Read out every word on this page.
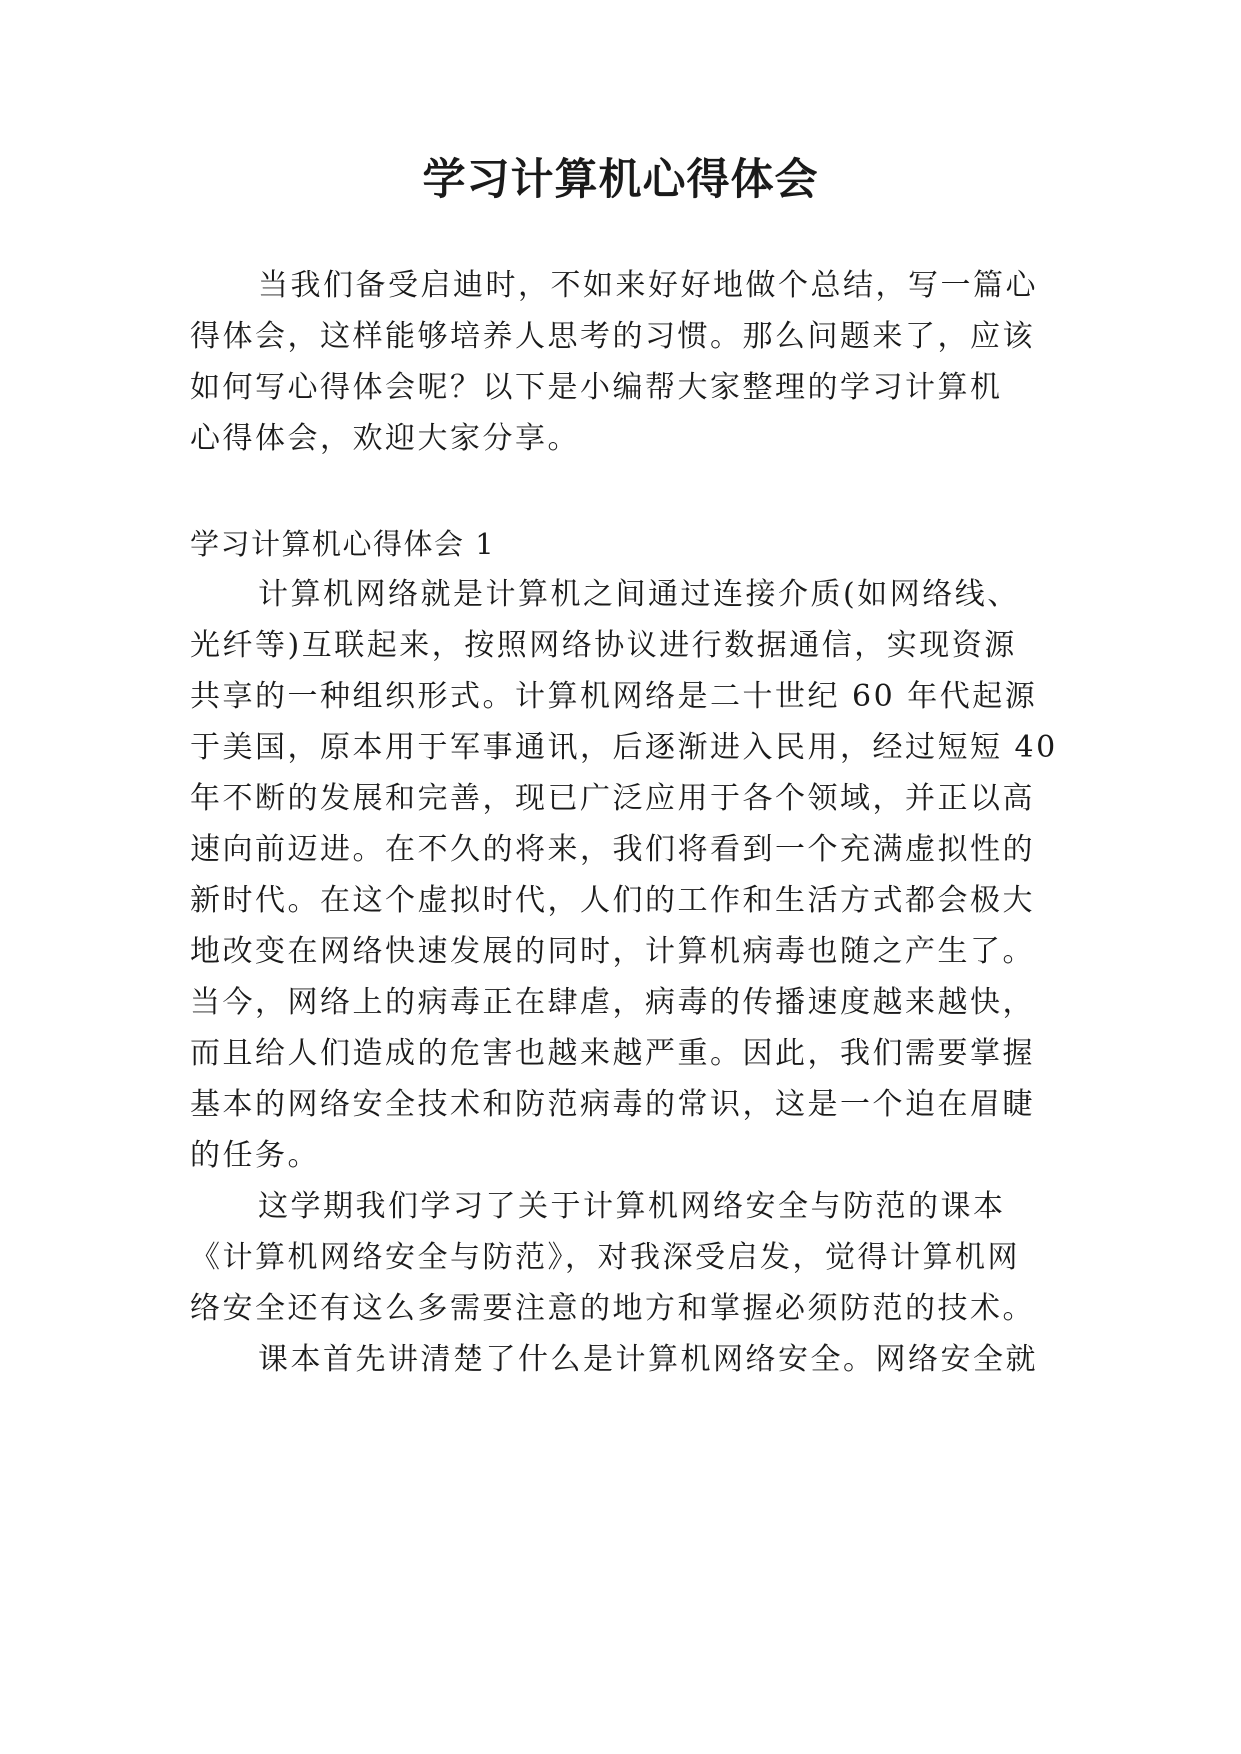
学习计算机心得体会

当我们备受启迪时，不如来好好地做个总结，写一篇心

得体会，这样能够培养人思考的习惯。那么问题来了，应该

如何写心得体会呢？以下是小编帮大家整理的学习计算机

心得体会，欢迎大家分享。

学习计算机心得体会 1

计算机网络就是计算机之间通过连接介质(如网络线、

光纤等)互联起来，按照网络协议进行数据通信，实现资源

共享的一种组织形式。计算机网络是二十世纪 60 年代起源

于美国，原本用于军事通讯，后逐渐进入民用，经过短短 40

年不断的发展和完善，现已广泛应用于各个领域，并正以高

速向前迈进。在不久的将来，我们将看到一个充满虚拟性的

新时代。在这个虚拟时代，人们的工作和生活方式都会极大

地改变在网络快速发展的同时，计算机病毒也随之产生了。

当今，网络上的病毒正在肆虐，病毒的传播速度越来越快，

而且给人们造成的危害也越来越严重。因此，我们需要掌握

基本的网络安全技术和防范病毒的常识，这是一个迫在眉睫

的任务。

这学期我们学习了关于计算机网络安全与防范的课本

《计算机网络安全与防范》，对我深受启发，觉得计算机网

络安全还有这么多需要注意的地方和掌握必须防范的技术。

课本首先讲清楚了什么是计算机网络安全。网络安全就
